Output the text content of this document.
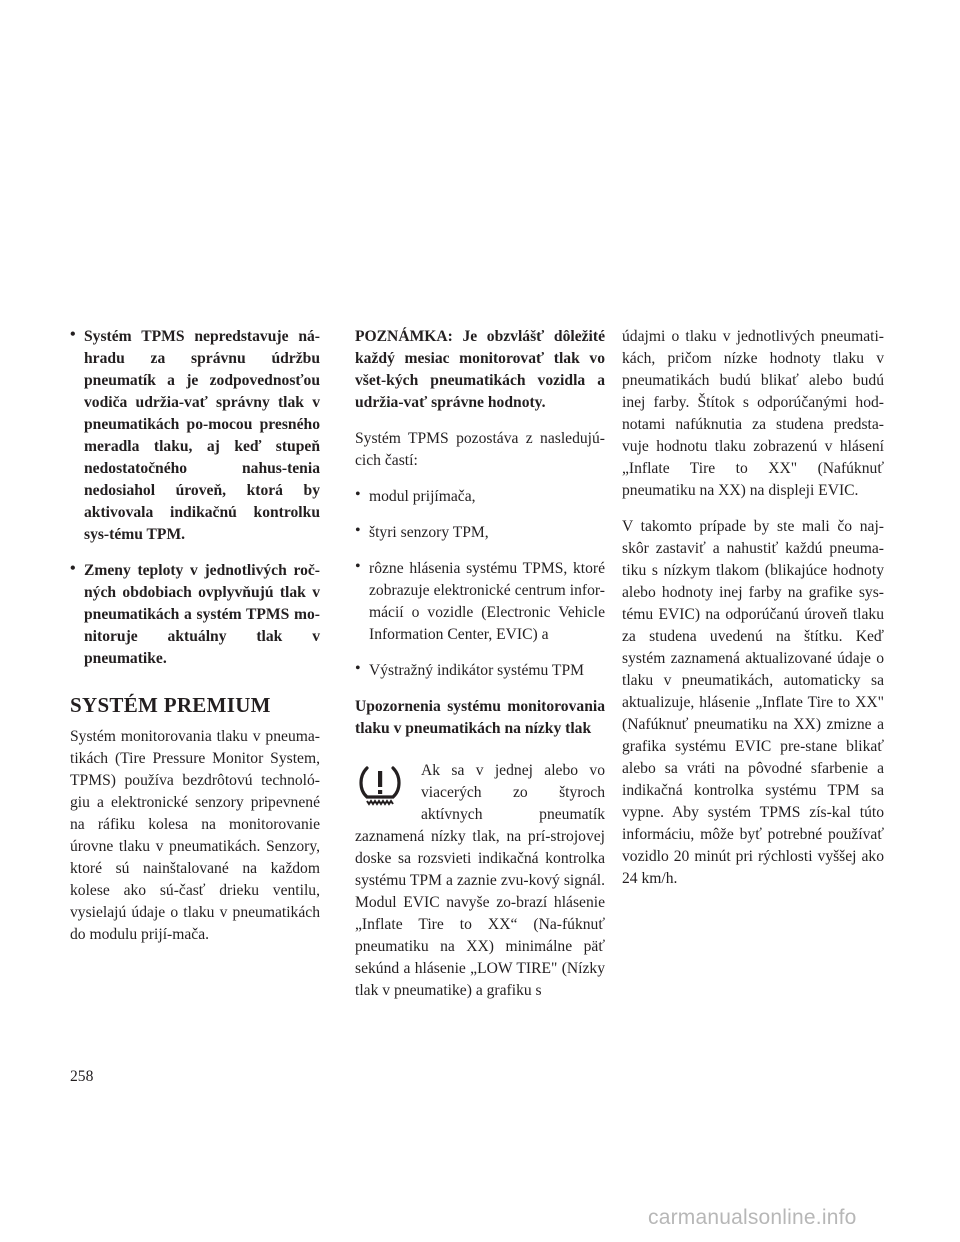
• Systém TPMS nepredstavuje ná-hradu za správnu údržbu pneumatík a je zodpovednosťou vodiča udržia-vať správny tlak v pneumatikách po-mocou presného meradla tlaku, aj keď stupeň nedostatočného nahus-tenia nedosiahol úroveň, ktorá by aktivovala indikačnú kontrolku sys-tému TPM.

• Zmeny teploty v jednotlivých roč-ných obdobiach ovplyvňujú tlak v pneumatikách a systém TPMS mo-nitoruje aktuálny tlak v pneumatike.

SYSTÉM PREMIUM

Systém monitorovania tlaku v pneuma-tikách (Tire Pressure Monitor System, TPMS) používa bezdrôtovú technoló-giu a elektronické senzory pripevnené na ráfiku kolesa na monitorovanie úrovne tlaku v pneumatikách. Senzory, ktoré sú nainštalované na každom kolese ako sú-časť drieku ventilu, vysielajú údaje o tlaku v pneumatikách do modulu prijí-mača.

POZNÁMKA: Je obzvlášť dôležité každý mesiac monitorovať tlak vo všet-kých pneumatikách vozidla a udržia-vať správne hodnoty.

Systém TPMS pozostáva z nasledujú-cich častí:

• modul prijímača,

• štyri senzory TPM,

• rôzne hlásenia systému TPMS, ktoré zobrazuje elektronické centrum infor-mácií o vozidle (Electronic Vehicle Information Center, EVIC) a

• Výstražný indikátor systému TPM

Upozornenia systému monitorovania tlaku v pneumatikách na nízky tlak

Ak sa v jednej alebo vo viacerých zo štyroch aktívnych pneumatík zaznamená nízky tlak, na prí-strojovej doske sa rozsvieti indikačná kontrolka systému TPM a zaznie zvu-kový signál. Modul EVIC navyše zo-brazí hlásenie „Inflate Tire to XX“ (Na-fúknuť pneumatiku na XX) minimálne päť sekúnd a hlásenie „LOW TIRE" (Nízky tlak v pneumatike) a grafiku s

údajmi o tlaku v jednotlivých pneumati-kách, pričom nízke hodnoty tlaku v pneumatikách budú blikať alebo budú inej farby. Štítok s odporúčanými hod-notami nafúknutia za studena predsta-vuje hodnotu tlaku zobrazenú v hlásení „Inflate Tire to XX" (Nafúknuť pneumatiku na XX) na displeji EVIC.

V takomto prípade by ste mali čo naj-skôr zastaviť a nahustiť každú pneuma-tiku s nízkym tlakom (blikajúce hodnoty alebo hodnoty inej farby na grafike sys-tému EVIC) na odporúčanú úroveň tlaku za studena uvedenú na štítku. Keď systém zaznamená aktualizované údaje o tlaku v pneumatikách, automaticky sa aktualizuje, hlásenie „Inflate Tire to XX" (Nafúknuť pneumatiku na XX) zmizne a grafika systému EVIC pre-stane blikať alebo sa vráti na pôvodné sfarbenie a indikačná kontrolka systému TPM sa vypne. Aby systém TPMS zís-kal túto informáciu, môže byť potrebné používať vozidlo 20 minút pri rýchlosti vyššej ako 24 km/h.

258
carmanualsonline.info
